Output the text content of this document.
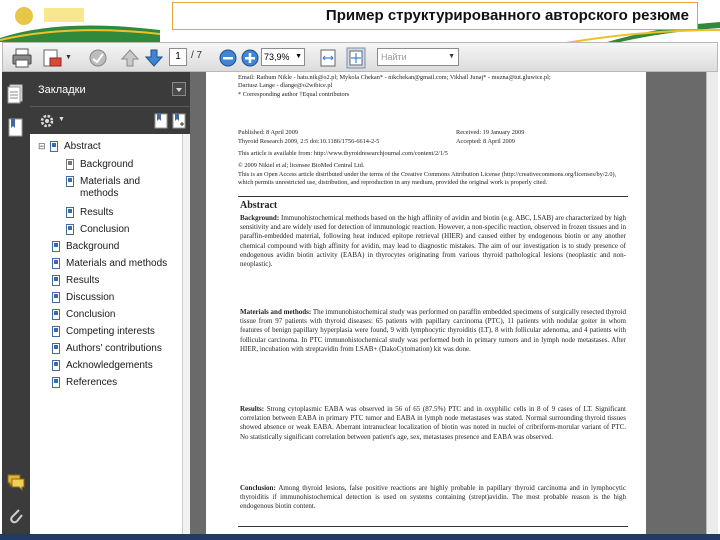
Пример структурированного авторского резюме
▼	1	/ 7	73,9% ▼	Найти	▼
Закладки
▼
⊟ Abstract
Background
Materials and
methods
Results
Conclusion
Background
Materials and methods
Results
Discussion
Conclusion
Competing interests
Authors' contributions
Acknowledgements
References
Email: Rathum Nikle - hatu.nik@o2.pl; Mykola Chekan* - nikchekan@gmail.com; Vikhail Junaj* - muzna@tut.gluwice.pl;
Dariusz Lange - dlange@o2wibice.pl
* Corresponding author †Equal contributors
Published: 8 April 2009
Thyroid Research 2009, 2:5 doi:10.1186/1756-6614-2-5
Received: 19 January 2009
Accepted: 8 April 2009
This article is available from: http://www.thyroidresearchjournal.com/content/2/1/5
© 2009 Nikiel et al; licensee BioMed Central Ltd.
This is an Open Access article distributed under the terms of the Creative Commons Attribution License (http://creativecommons.org/licenses/by/2.0),
which permits unrestricted use, distribution, and reproduction in any medium, provided the original work is properly cited.
Abstract
Background: Immunohistochemical methods based on the high affinity of avidin and biotin (e.g. ABC, LSAB) are characterized by high sensitivity and are widely used for detection of immunologic reaction. However, a non-specific reaction, observed in frozen tissues and in paraffin-embedded material, following heat induced epitope retrieval (HIER) and caused either by endogenous biotin or any another chemical compound with high affinity for avidin, may lead to diagnostic mistakes. The aim of our investigation is to study presence of endogenous avidin biotin activity (EABA) in thyrocytes originating from various thyroid pathological lesions (neoplastic and non-neoplastic).
Materials and methods: The immunohistochemical study was performed on paraffin embedded specimens of surgically resected thyroid tissue from 97 patients with thyroid diseases: 65 patients with papillary carcinoma (PTC), 11 patients with nodular goiter in whom features of benign papillary hyperplasia were found, 9 with lymphocytic thyroiditis (LT), 8 with follicular adenoma, and 4 patients with follicular carcinoma. In PTC immunohistochemical study was performed both in primary tumors and in lymph node metastases. After HIER, incubation with streptavidin from LSAB+ (DakoCytomation) kit was done.
Results: Strong cytoplasmic EABA was observed in 56 of 65 (87.5%) PTC and in oxyphilic cells in 8 of 9 cases of LT. Significant correlation between EABA in primary PTC tumor and EABA in lymph node metastases was stated. Normal surrounding thyroid tissues showed absence or weak EABA. Aberrant intranuclear localization of biotin was noted in nuclei of cribriform-morular variant of PTC. No statistically significant correlation between patient's age, sex, metastases presence and EABA was observed.
Conclusion: Among thyroid lesions, false positive reactions are highly probable in papillary thyroid carcinoma and in lymphocytic thyroiditis if immunohistochemical detection is used on systems containing (strept)avidin. The most probable reason is the high endogenous biotin content.
